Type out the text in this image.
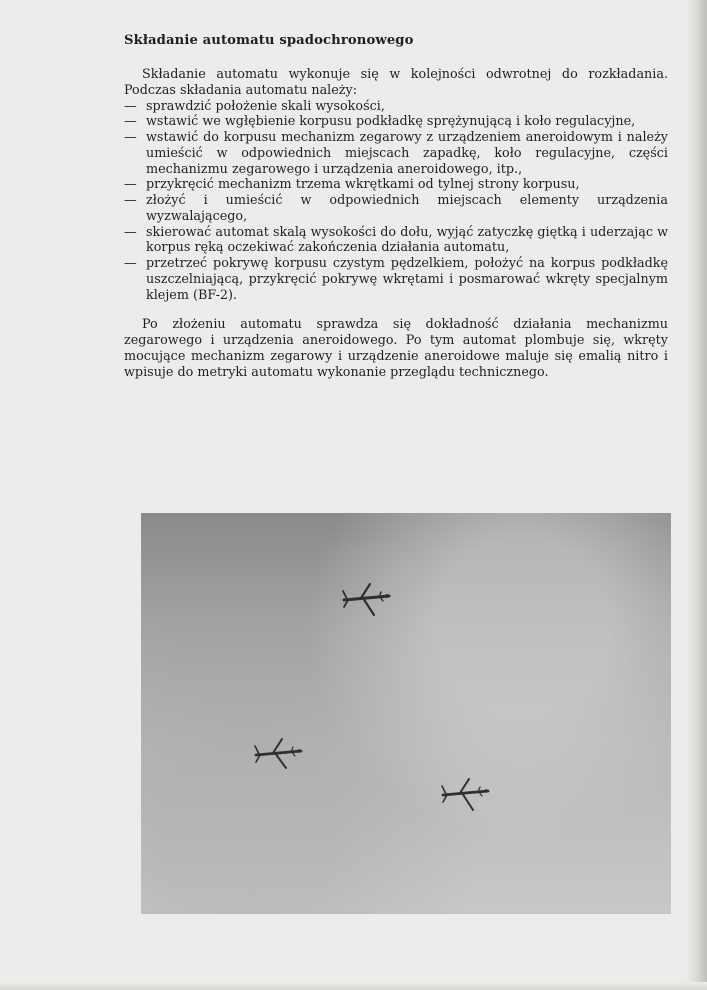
Składanie automatu spadochronowego

Składanie automatu wykonuje się w kolejności odwrotnej do rozkładania. Podczas składania automatu należy:

— sprawdzić położenie skali wysokości,
— wstawić we wgłębienie korpusu podkładkę sprężynującą i koło regulacyjne,
— wstawić do korpusu mechanizm zegarowy z urządzeniem aneroidowym i należy umieścić w odpowiednich miejscach zapadkę, koło regulacyjne, części mechanizmu zegarowego i urządzenia aneroidowego, itp.,
— przykręcić mechanizm trzema wkrętkami od tylnej strony korpusu,
— złożyć i umieścić w odpowiednich miejscach elementy urządzenia wyzwalającego,
— skierować automat skalą wysokości do dołu, wyjąć zatyczkę giętką i uderzając w korpus ręką oczekiwać zakończenia działania automatu,
— przetrzeć pokrywę korpusu czystym pędzelkiem, położyć na korpus podkładkę uszczelniającą, przykręcić pokrywę wkrętami i posmarować wkręty specjalnym klejem (BF-2).

Po złożeniu automatu sprawdza się dokładność działania mechanizmu zegarowego i urządzenia aneroidowego. Po tym automat plombuje się, wkręty mocujące mechanizm zegarowy i urządzenie aneroidowe maluje się emalią nitro i wpisuje do metryki automatu wykonanie przeglądu technicznego.
